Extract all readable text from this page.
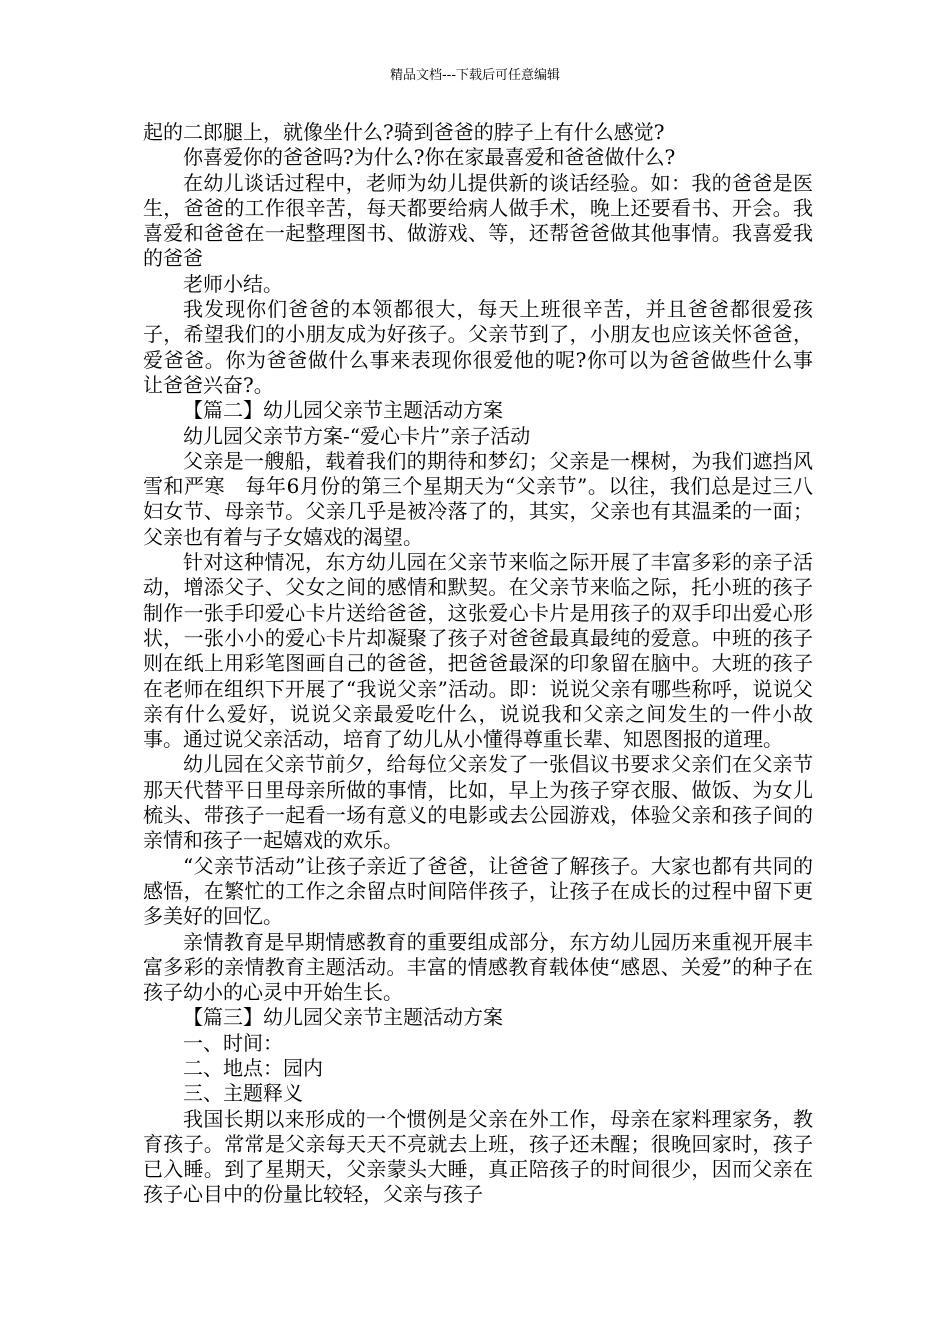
精品文档---下载后可任意编辑

起的二郎腿上，就像坐什么?骑到爸爸的脖子上有什么感觉?

你喜爱你的爸爸吗?为什么?你在家最喜爱和爸爸做什么?

在幼儿谈话过程中，老师为幼儿提供新的谈话经验。如：我的爸爸是医生，爸爸的工作很辛苦，每天都要给病人做手术，晚上还要看书、开会。我喜爱和爸爸在一起整理图书、做游戏、等，还帮爸爸做其他事情。我喜爱我的爸爸

老师小结。

我发现你们爸爸的本领都很大，每天上班很辛苦，并且爸爸都很爱孩子，希望我们的小朋友成为好孩子。父亲节到了，小朋友也应该关怀爸爸，爱爸爸。你为爸爸做什么事来表现你很爱他的呢?你可以为爸爸做些什么事让爸爸兴奋?。

【篇二】幼儿园父亲节主题活动方案

幼儿园父亲节方案-“爱心卡片”亲子活动

父亲是一艘船，载着我们的期待和梦幻；父亲是一棵树，为我们遮挡风雪和严寒　每年6月份的第三个星期天为“父亲节”。以往，我们总是过三八妇女节、母亲节。父亲几乎是被冷落了的，其实，父亲也有其温柔的一面；父亲也有着与子女嬉戏的渴望。

针对这种情况，东方幼儿园在父亲节来临之际开展了丰富多彩的亲子活动，增添父子、父女之间的感情和默契。在父亲节来临之际，托小班的孩子制作一张手印爱心卡片送给爸爸，这张爱心卡片是用孩子的双手印出爱心形状，一张小小的爱心卡片却凝聚了孩子对爸爸最真最纯的爱意。中班的孩子则在纸上用彩笔图画自己的爸爸，把爸爸最深的印象留在脑中。大班的孩子在老师在组织下开展了“我说父亲”活动。即：说说父亲有哪些称呼，说说父亲有什么爱好，说说父亲最爱吃什么，说说我和父亲之间发生的一件小故事。通过说父亲活动，培育了幼儿从小懂得尊重长辈、知恩图报的道理。

幼儿园在父亲节前夕，给每位父亲发了一张倡议书要求父亲们在父亲节那天代替平日里母亲所做的事情，比如，早上为孩子穿衣服、做饭、为女儿梳头、带孩子一起看一场有意义的电影或去公园游戏，体验父亲和孩子间的亲情和孩子一起嬉戏的欢乐。

“父亲节活动”让孩子亲近了爸爸，让爸爸了解孩子。大家也都有共同的感悟，在繁忙的工作之余留点时间陪伴孩子，让孩子在成长的过程中留下更多美好的回忆。

亲情教育是早期情感教育的重要组成部分，东方幼儿园历来重视开展丰富多彩的亲情教育主题活动。丰富的情感教育载体使“感恩、关爱”的种子在孩子幼小的心灵中开始生长。

【篇三】幼儿园父亲节主题活动方案

一、时间：

二、地点：园内

三、主题释义

我国长期以来形成的一个惯例是父亲在外工作，母亲在家料理家务，教育孩子。常常是父亲每天天不亮就去上班，孩子还未醒；很晚回家时，孩子已入睡。到了星期天，父亲蒙头大睡，真正陪孩子的时间很少，因而父亲在孩子心目中的份量比较轻，父亲与孩子
